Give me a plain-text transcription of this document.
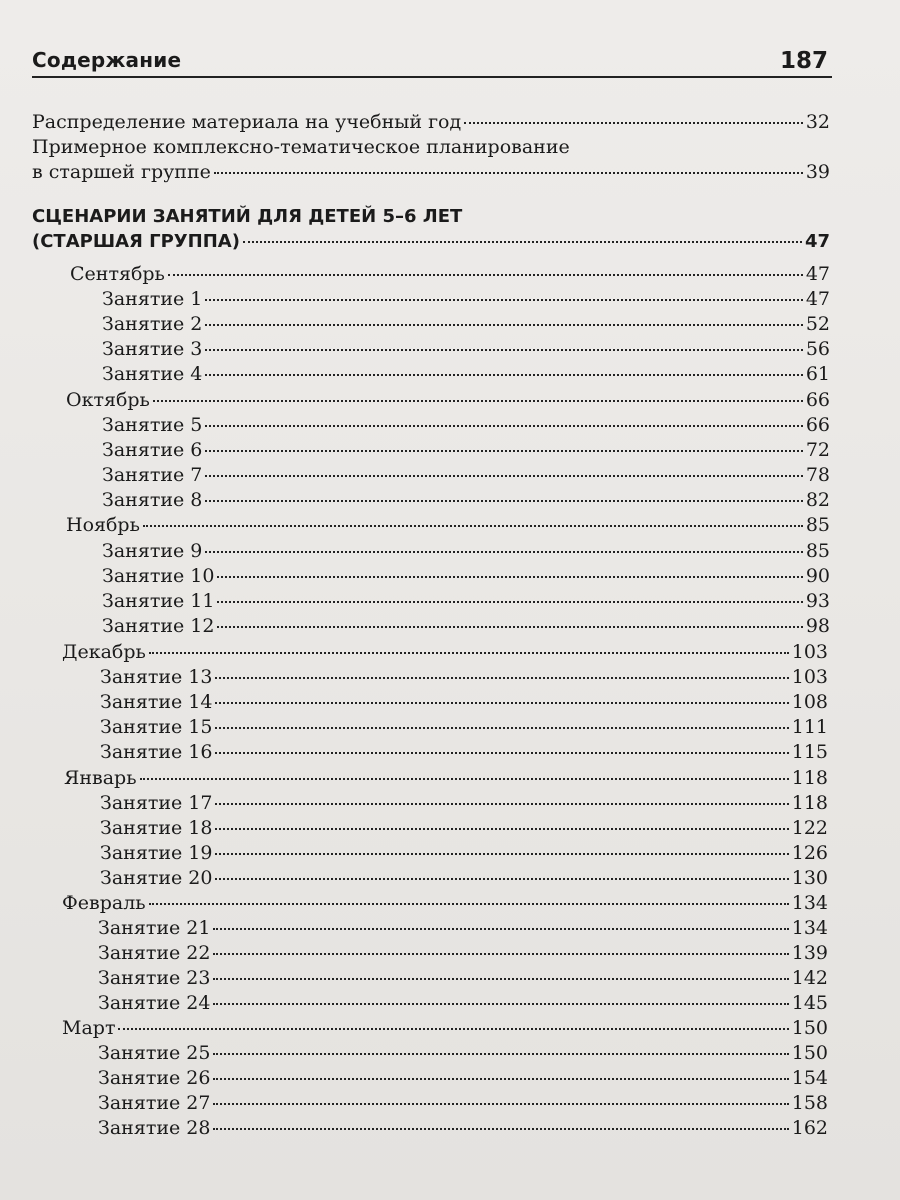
Содержание	187
Распределение материала на учебный год	32
Примерное комплексно-тематическое планирование
в старшей группе	39
СЦЕНАРИИ ЗАНЯТИЙ ДЛЯ ДЕТЕЙ 5–6 ЛЕТ
(СТАРШАЯ ГРУППА)	47
Сентябрь	47
Занятие 1	47
Занятие 2	52
Занятие 3	56
Занятие 4	61
Октябрь	66
Занятие 5	66
Занятие 6	72
Занятие 7	78
Занятие 8	82
Ноябрь	85
Занятие 9	85
Занятие 10	90
Занятие 11	93
Занятие 12	98
Декабрь	103
Занятие 13	103
Занятие 14	108
Занятие 15	111
Занятие 16	115
Январь	118
Занятие 17	118
Занятие 18	122
Занятие 19	126
Занятие 20	130
Февраль	134
Занятие 21	134
Занятие 22	139
Занятие 23	142
Занятие 24	145
Март	150
Занятие 25	150
Занятие 26	154
Занятие 27	158
Занятие 28	162
